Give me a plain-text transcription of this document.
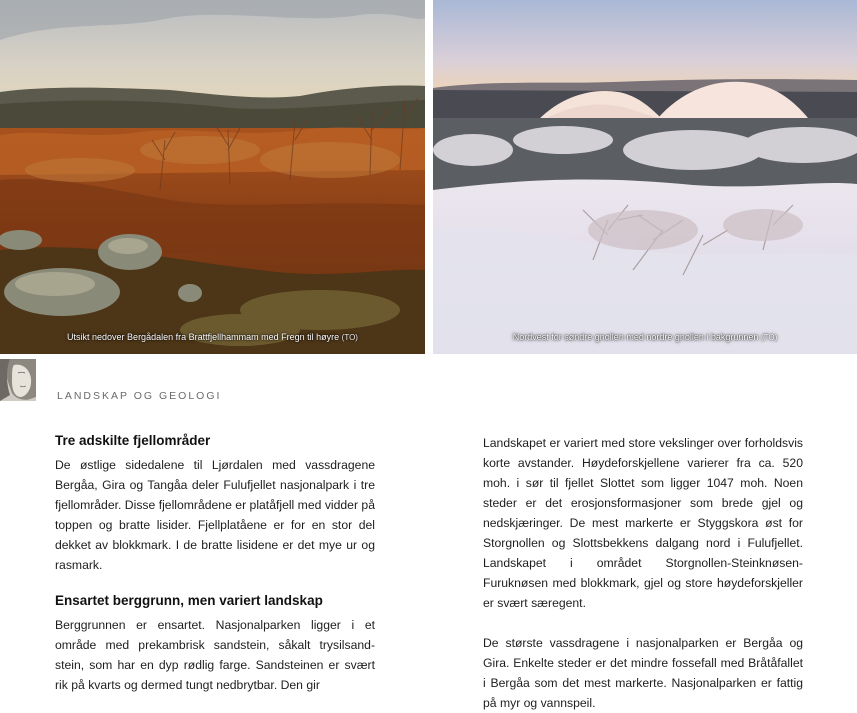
Utsikt nedover Bergådalen fra Brattfjellhammam med Fregn til høyre (TO)	Nordvest for søndre gnollen med nordre gnollen i bakgrunnen (TO)
LANDSKAP OG GEOLOGI
Tre adskilte fjellområder

De østlige sidedalene til Ljørdalen med vassdragene Bergåa, Gira og Tangåa deler Fulufjellet nasjonalpark i tre fjellområder. Disse fjellområdene er platåfjell med vidder på toppen og bratte lisider. Fjellplatåene er for en stor del dekket av blokkmark. I de bratte lisidene er det mye ur og rasmark.

Ensartet berggrunn, men variert landskap

Berggrunnen er ensartet. Nasjonalparken ligger i et område med prekambrisk sandstein, såkalt trysilsand-stein, som har en dyp rødlig farge. Sandsteinen er svært rik på kvarts og dermed tungt nedbrytbar. Den gir

Landskapet er variert med store vekslinger over forholdsvis korte avstander. Høydeforskjellene varierer fra ca. 520 moh. i sør til fjellet Slottet som ligger 1047 moh. Noen steder er det erosjonsformasjoner som brede gjel og nedskjæringer. De mest markerte er Styggskora øst for Storgnollen og Slottsbekkens dalgang nord i Fulufjellet. Landskapet i området Storgnollen-Steinknøsen-Furuknøsen med blokkmark, gjel og store høydeforskjeller er svært særegent.

De største vassdragene i nasjonalparken er Bergåa og Gira. Enkelte steder er det mindre fossefall med Bråtåfallet i Bergåa som det mest markerte. Nasjonalparken er fattig på myr og vannspeil.
